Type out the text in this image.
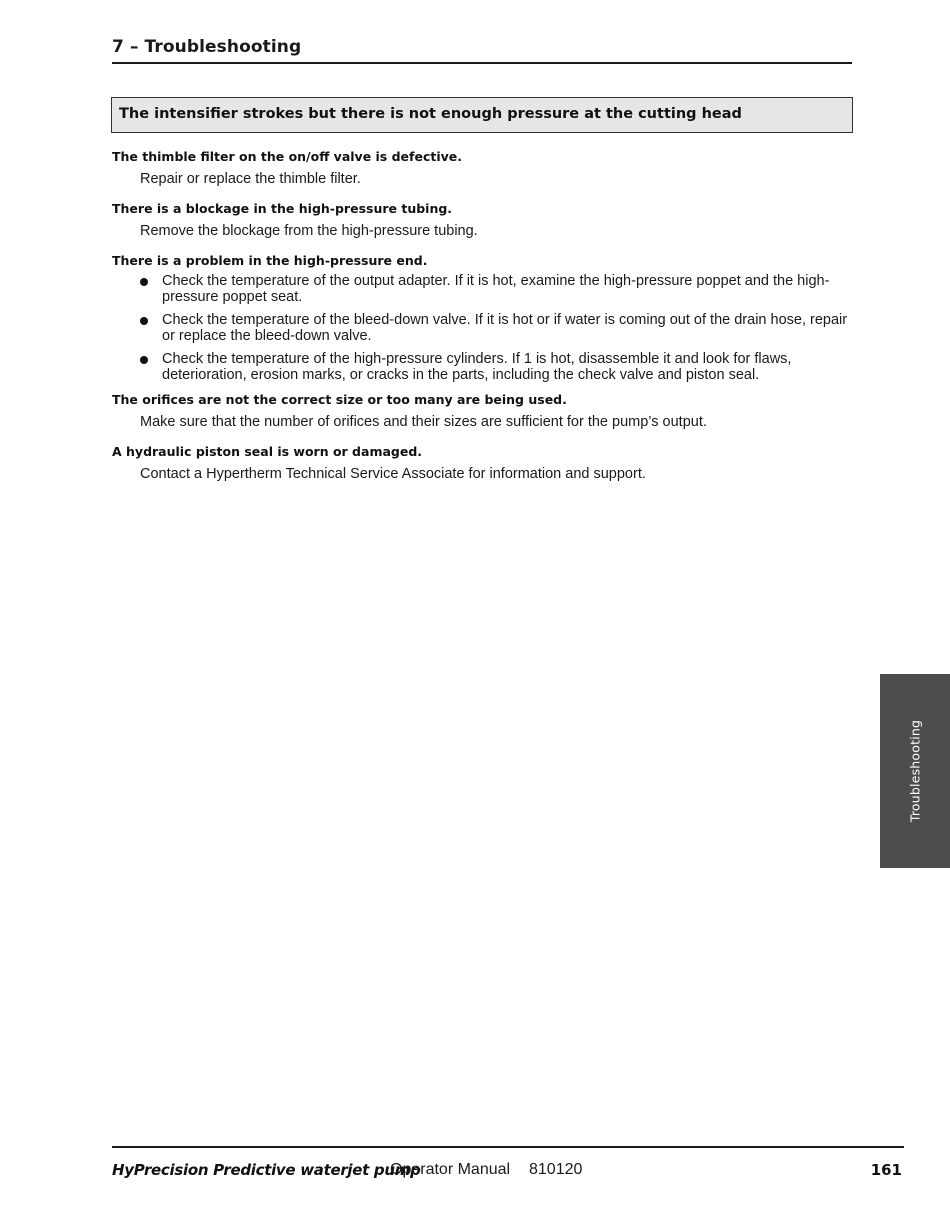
7 – Troubleshooting
The intensifier strokes but there is not enough pressure at the cutting head

The thimble filter on the on/off valve is defective.

Repair or replace the thimble filter.

There is a blockage in the high-pressure tubing.

Remove the blockage from the high-pressure tubing.

There is a problem in the high-pressure end.

Check the temperature of the output adapter. If it is hot, examine the high-pressure poppet and the high-pressure poppet seat.
Check the temperature of the bleed-down valve. If it is hot or if water is coming out of the drain hose, repair or replace the bleed-down valve.
Check the temperature of the high-pressure cylinders. If 1 is hot, disassemble it and look for flaws, deterioration, erosion marks, or cracks in the parts, including the check valve and piston seal.

The orifices are not the correct size or too many are being used.

Make sure that the number of orifices and their sizes are sufficient for the pump’s output.

A hydraulic piston seal is worn or damaged.

Contact a Hypertherm Technical Service Associate for information and support.

Troubleshooting
HyPrecision Predictive waterjet pump
Operator Manual 810120	161
